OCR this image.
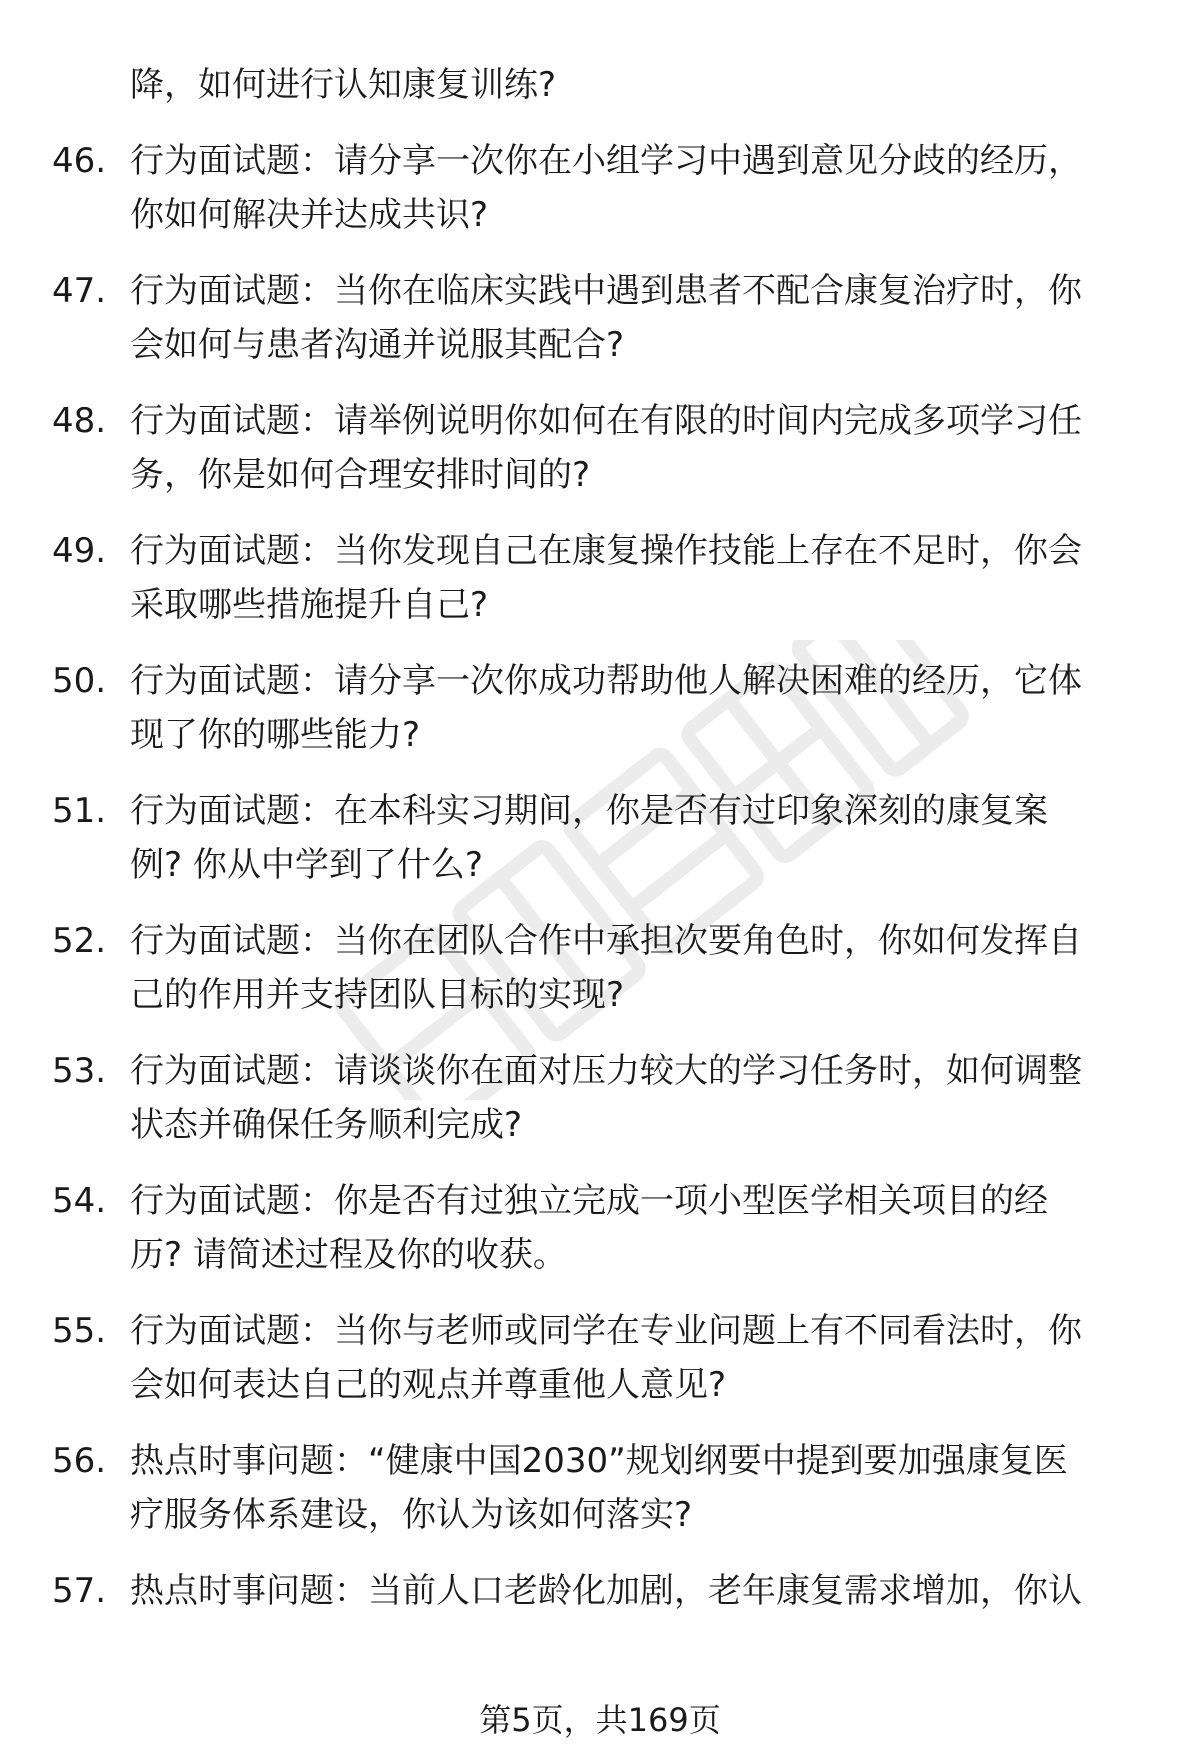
降，如何进行认知康复训练?
46. 行为面试题：请分享一次你在小组学习中遇到意见分歧的经历，
你如何解决并达成共识?
47. 行为面试题：当你在临床实践中遇到患者不配合康复治疗时，你
会如何与患者沟通并说服其配合?
48. 行为面试题：请举例说明你如何在有限的时间内完成多项学习任
务，你是如何合理安排时间的?
49. 行为面试题：当你发现自己在康复操作技能上存在不足时，你会
采取哪些措施提升自己?
50. 行为面试题：请分享一次你成功帮助他人解决困难的经历，它体
现了你的哪些能力?
51. 行为面试题：在本科实习期间，你是否有过印象深刻的康复案
例? 你从中学到了什么?
52. 行为面试题：当你在团队合作中承担次要角色时，你如何发挥自
己的作用并支持团队目标的实现?
53. 行为面试题：请谈谈你在面对压力较大的学习任务时，如何调整
状态并确保任务顺利完成?
54. 行为面试题：你是否有过独立完成一项小型医学相关项目的经
历? 请简述过程及你的收获。
55. 行为面试题：当你与老师或同学在专业问题上有不同看法时，你
会如何表达自己的观点并尊重他人意见?
56. 热点时事问题：“健康中国2030”规划纲要中提到要加强康复医
疗服务体系建设，你认为该如何落实?
57. 热点时事问题：当前人口老龄化加剧，老年康复需求增加，你认
第5页，共169页
